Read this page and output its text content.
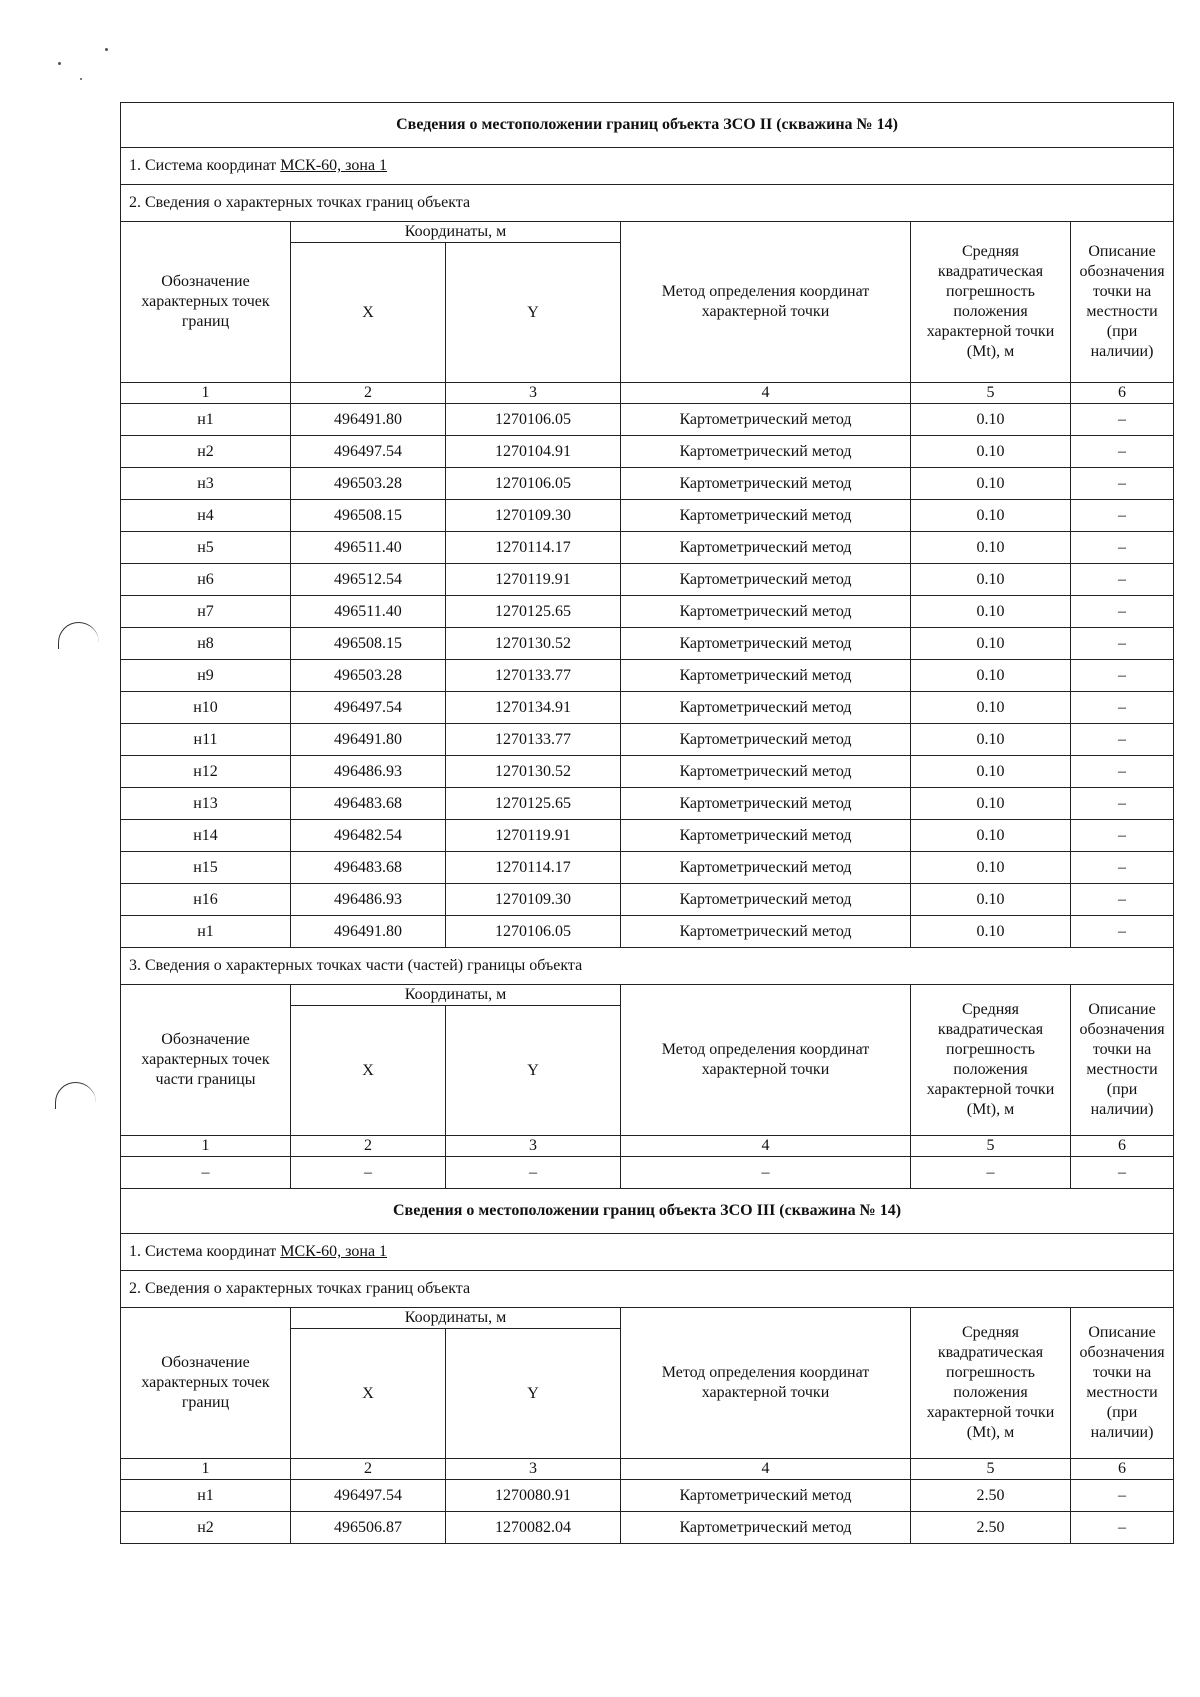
Сведения о местоположении границ объекта ЗСО II (скважина № 14)					
1. Система координат МСК-60, зона 1					
2. Сведения о характерных точках границ объекта					
Обозначение характерных точек границ	Координаты, м		Метод определения координат характерной точки	Средняя квадратическая погрешность положения характерной точки (Mt), м	Описание обозначения точки на местности (при наличии)
	X	Y			
1	2	3	4	5	6
н1	496491.80	1270106.05	Картометрический метод	0.10	–
н2	496497.54	1270104.91	Картометрический метод	0.10	–
н3	496503.28	1270106.05	Картометрический метод	0.10	–
н4	496508.15	1270109.30	Картометрический метод	0.10	–
н5	496511.40	1270114.17	Картометрический метод	0.10	–
н6	496512.54	1270119.91	Картометрический метод	0.10	–
н7	496511.40	1270125.65	Картометрический метод	0.10	–
н8	496508.15	1270130.52	Картометрический метод	0.10	–
н9	496503.28	1270133.77	Картометрический метод	0.10	–
н10	496497.54	1270134.91	Картометрический метод	0.10	–
н11	496491.80	1270133.77	Картометрический метод	0.10	–
н12	496486.93	1270130.52	Картометрический метод	0.10	–
н13	496483.68	1270125.65	Картометрический метод	0.10	–
н14	496482.54	1270119.91	Картометрический метод	0.10	–
н15	496483.68	1270114.17	Картометрический метод	0.10	–
н16	496486.93	1270109.30	Картометрический метод	0.10	–
н1	496491.80	1270106.05	Картометрический метод	0.10	–
3. Сведения о характерных точках части (частей) границы объекта					
Обозначение характерных точек части границы	Координаты, м		Метод определения координат характерной точки	Средняя квадратическая погрешность положения характерной точки (Mt), м	Описание обозначения точки на местности (при наличии)
	X	Y			
1	2	3	4	5	6
–	–	–	–	–	–
Сведения о местоположении границ объекта ЗСО III (скважина № 14)					
1. Система координат МСК-60, зона 1					
2. Сведения о характерных точках границ объекта					
Обозначение характерных точек границ	Координаты, м		Метод определения координат характерной точки	Средняя квадратическая погрешность положения характерной точки (Mt), м	Описание обозначения точки на местности (при наличии)
	X	Y			
1	2	3	4	5	6
н1	496497.54	1270080.91	Картометрический метод	2.50	–
н2	496506.87	1270082.04	Картометрический метод	2.50	–
